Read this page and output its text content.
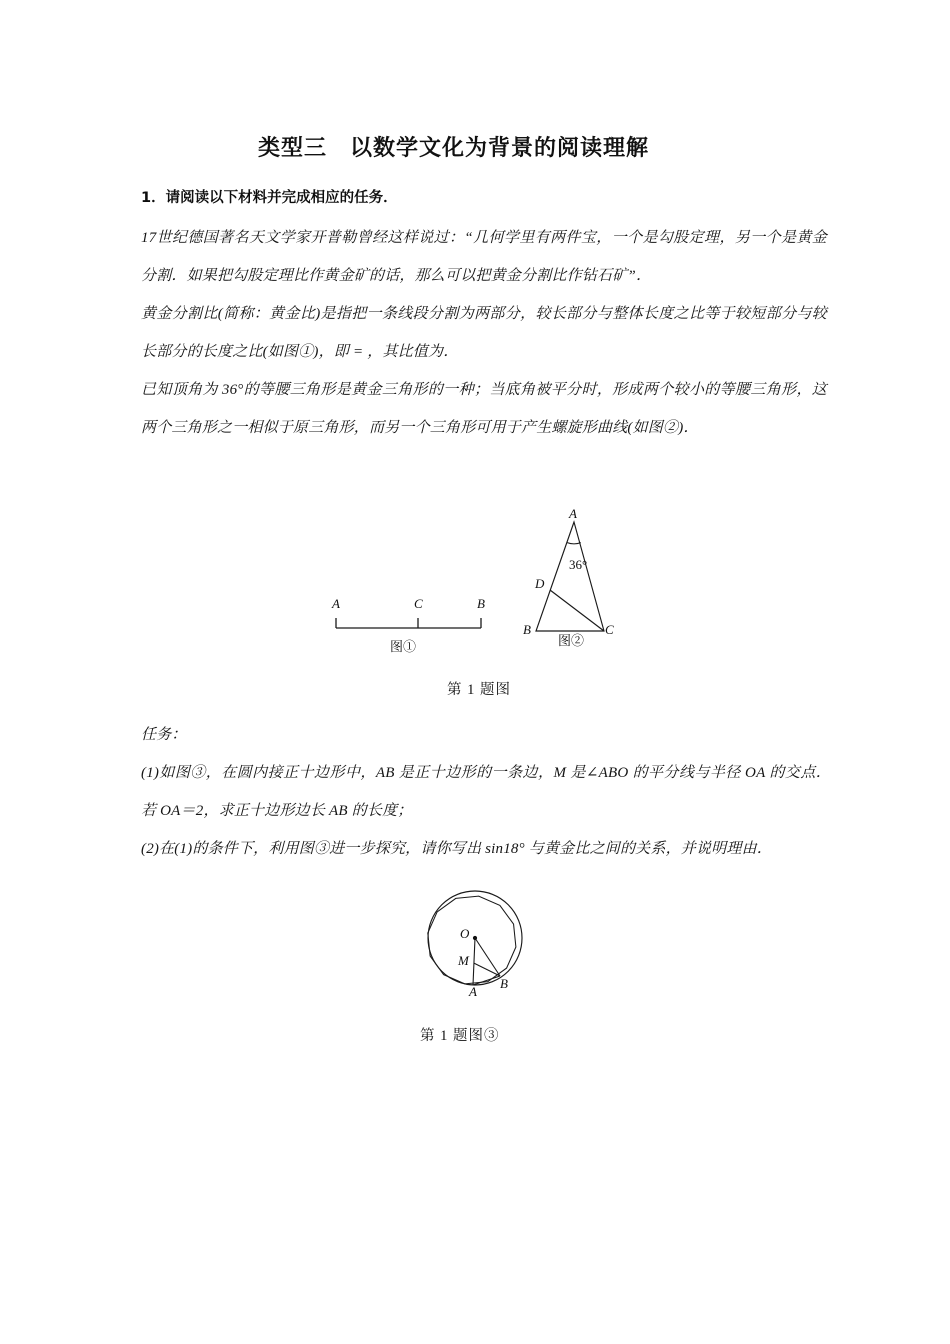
类型三　以数学文化为背景的阅读理解

1．请阅读以下材料并完成相应的任务．

17世纪德国著名天文学家开普勒曾经这样说过：“几何学里有两件宝，一个是勾股定理，另一个是黄金分割．如果把勾股定理比作黄金矿的话，那么可以把黄金分割比作钻石矿”．

黄金分割比(简称：黄金比)是指把一条线段分割为两部分，较长部分与整体长度之比等于较短部分与较长部分的长度之比(如图①)，即 = ，其比值为．

已知顶角为 36°的等腰三角形是黄金三角形的一种；当底角被平分时，形成两个较小的等腰三角形，这两个三角形之一相似于原三角形，而另一个三角形可用于产生螺旋形曲线(如图②)．

A	C	B
图①
A
D
B	C
36°
图②
第 1 题图

任务：

(1)如图③，在圆内接正十边形中，AB 是正十边形的一条边，M 是∠ABO 的平分线与半径 OA 的交点．若 OA＝2，求正十边形边长 AB 的长度；

(2)在(1)的条件下，利用图③进一步探究，请你写出 sin18° 与黄金比之间的关系，并说明理由．

O
M
A
B
第 1 题图③
